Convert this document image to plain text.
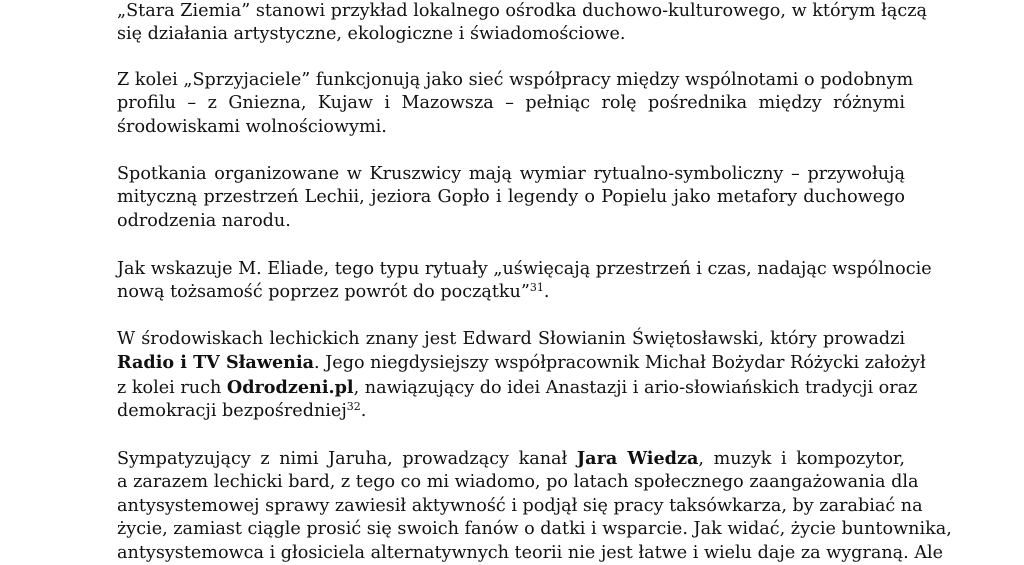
„Stara Ziemia” stanowi przykład lokalnego ośrodka duchowo-kulturowego, w którym łączą
się działania artystyczne, ekologiczne i świadomościowe.
Z kolei „Sprzyjaciele” funkcjonują jako sieć współpracy między wspólnotami o podobnym
profilu – z Gniezna, Kujaw i Mazowsza – pełniąc rolę pośrednika między różnymi
środowiskami wolnościowymi.
Spotkania organizowane w Kruszwicy mają wymiar rytualno-symboliczny – przywołują
mityczną przestrzeń Lechii, jeziora Gopło i legendy o Popielu jako metafory duchowego
odrodzenia narodu.
Jak wskazuje M. Eliade, tego typu rytuały „uświęcają przestrzeń i czas, nadając wspólnocie
nową tożsamość poprzez powrót do początku”$^{31}$.
W środowiskach lechickich znany jest Edward Słowianin Świętosławski, który prowadzi
Radio i TV Sławenia. Jego niegdysiejszy współpracownik Michał Bożydar Różycki założył
z kolei ruch Odrodzeni.pl, nawiązujący do idei Anastazji i ario-słowiańskich tradycji oraz
demokracji bezpośredniej$^{32}$.
Sympatyzujący z nimi Jaruha, prowadzący kanał Jara Wiedza, muzyk i kompozytor,
a zarazem lechicki bard, z tego co mi wiadomo, po latach społecznego zaangażowania dla
antysystemowej sprawy zawiesił aktywność i podjął się pracy taksówkarza, by zarabiać na
życie, zamiast ciągle prosić się swoich fanów o datki i wsparcie. Jak widać, życie buntownika,
antysystemowca i głosiciela alternatywnych teorii nie jest łatwe i wielu daje za wygraną. Ale
